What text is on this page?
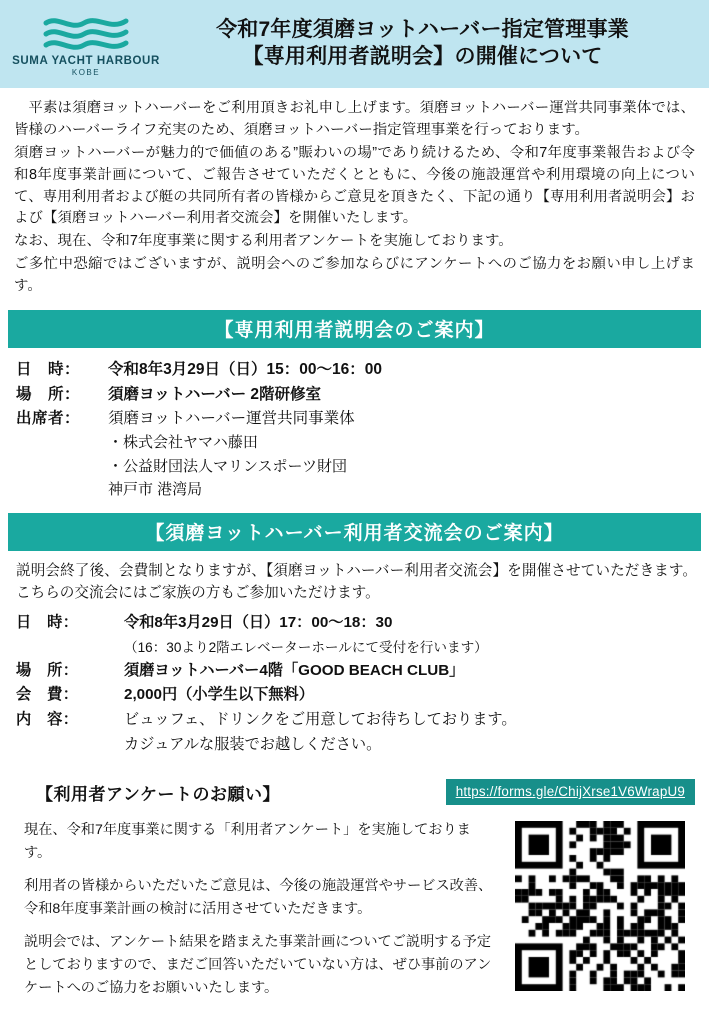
SUMA YACHT HARBOUR
KOBE
令和7年度須磨ヨットハーバー指定管理事業
【専用利用者説明会】の開催について

平素は須磨ヨットハーバーをご利用頂きお礼申し上げます。須磨ヨットハーバー運営共同事業体では、皆様のハーバーライフ充実のため、須磨ヨットハーバー指定管理事業を行っております。

須磨ヨットハーバーが魅力的で価値のある”賑わいの場”であり続けるため、令和7年度事業報告および令和8年度事業計画について、ご報告させていただくとともに、今後の施設運営や利用環境の向上について、専用利用者および艇の共同所有者の皆様からご意見を頂きたく、下記の通り【専用利用者説明会】および【須磨ヨットハーバー利用者交流会】を開催いたします。

なお、現在、令和7年度事業に関する利用者アンケートを実施しております。

ご多忙中恐縮ではございますが、説明会へのご参加ならびにアンケートへのご協力をお願い申し上げます。

【専用利用者説明会のご案内】
日　時：	令和8年3月29日（日）15：00～16：00
場　所：	須磨ヨットハーバー 2階研修室
出席者：	須磨ヨットハーバー運営共同事業体
・株式会社ヤマハ藤田
・公益財団法人マリンスポーツ財団
神戸市 港湾局
【須磨ヨットハーバー利用者交流会のご案内】
説明会終了後、会費制となりますが、【須磨ヨットハーバー利用者交流会】を開催させていただきます。こちらの交流会にはご家族の方もご参加いただけます。
日　時：	令和8年3月29日（日）17：00～18：30
（16：30より2階エレベーターホールにて受付を行います）
場　所：	須磨ヨットハーバー4階「GOOD BEACH CLUB」
会　費：	2,000円（小学生以下無料）
内　容：	ビュッフェ、ドリンクをご用意してお待ちしております。
カジュアルな服装でお越しください。
【利用者アンケートのお願い】	https://forms.gle/ChijXrse1V6WrapU9

現在、令和7年度事業に関する「利用者アンケート」を実施しております。

利用者の皆様からいただいたご意見は、今後の施設運営やサービス改善、令和8年度事業計画の検討に活用させていただきます。

説明会では、アンケート結果を踏まえた事業計画についてご説明する予定としておりますので、まだご回答いただいていない方は、ぜひ事前のアンケートへのご協力をお願いいたします。
